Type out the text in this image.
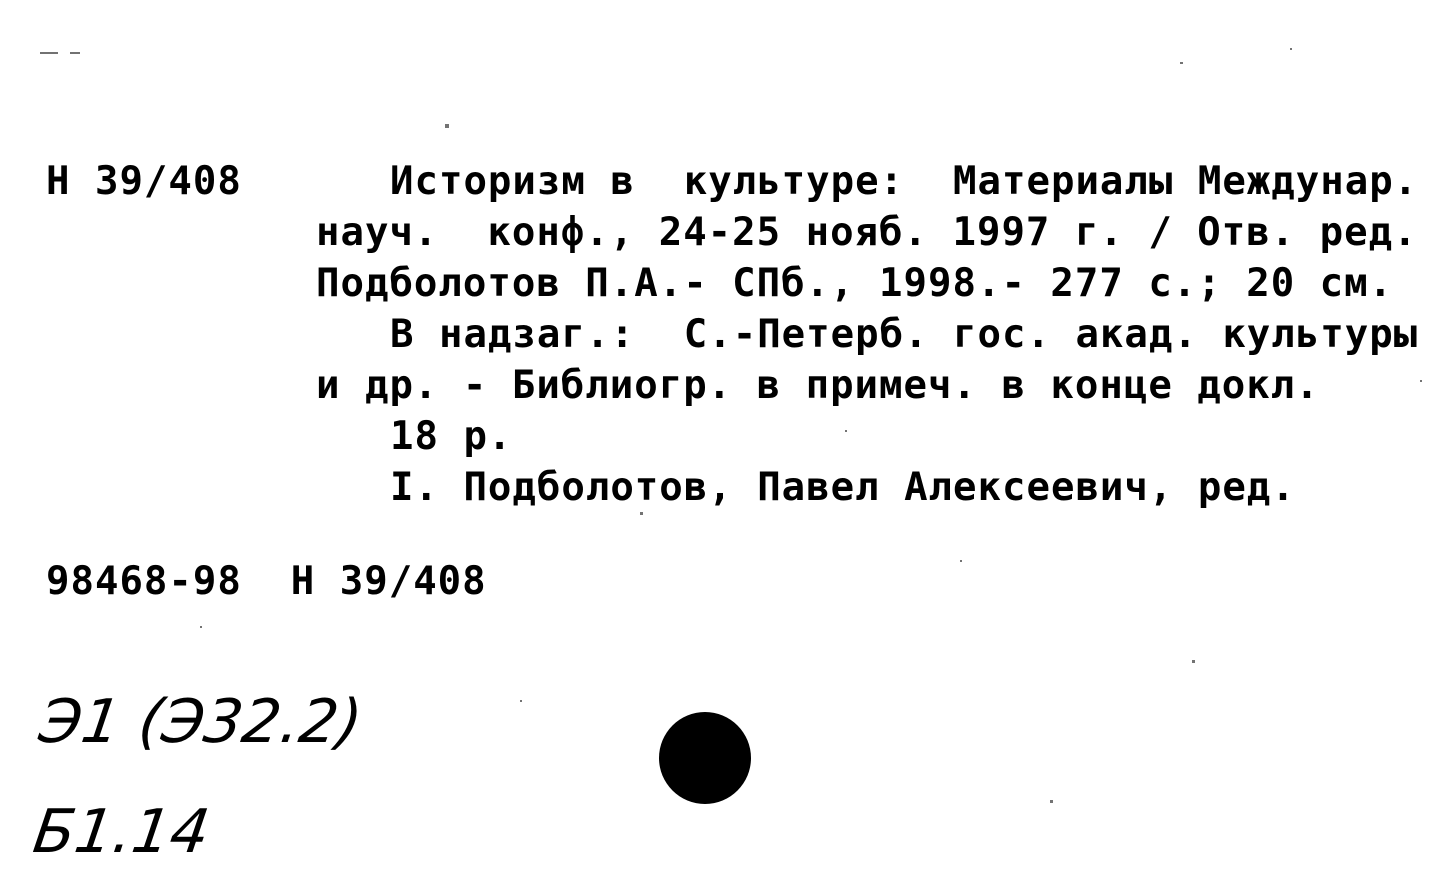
Н 39/408	Историзм в  культуре:  Материалы Междунар.

науч.  конф., 24-25 нояб. 1997 г. / Отв. ред.

Подболотов П.А.- СПб., 1998.- 277 с.; 20 см.

В надзаг.:  С.-Петерб. гос. акад. культуры

и др. - Библиогр. в примеч. в конце докл.

18 р.

I. Подболотов, Павел Алексеевич, ред.

98468-98  Н 39/408

Э1 (Э32.2)

Б1.14
